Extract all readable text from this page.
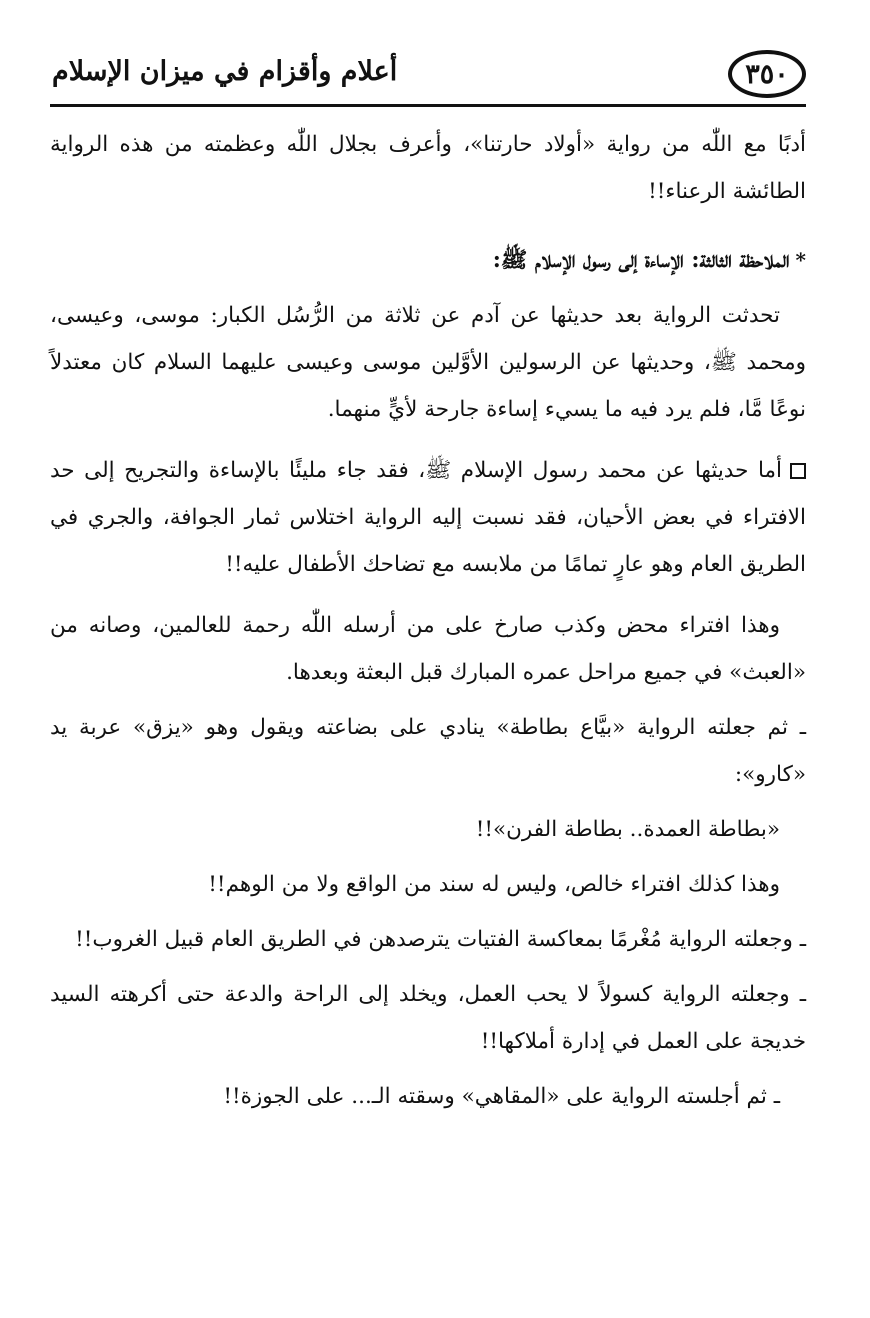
٣٥٠
أعلام وأقزام في ميزان الإسلام

أدبًا مع اللّٰه من رواية «أولاد حارتنا»، وأعرف بجلال اللّٰه وعظمته من هذه الرواية الطائشة الرعناء!!

*الملاحظة الثالثة: الإساءة إلى رسول الإسلام ﷺ:

تحدثت الرواية بعد حديثها عن آدم عن ثلاثة من الرُّسُل الكبار: موسى، وعيسى، ومحمد ﷺ، وحديثها عن الرسولين الأوَّلين موسى وعيسى عليهما السلام كان معتدلاً نوعًا مَّا، فلم يرد فيه ما يسيء إساءة جارحة لأيٍّ منهما.

أما حديثها عن محمد رسول الإسلام ﷺ، فقد جاء مليئًا بالإساءة والتجريح إلى حد الافتراء في بعض الأحيان، فقد نسبت إليه الرواية اختلاس ثمار الجوافة، والجري في الطريق العام وهو عارٍ تمامًا من ملابسه مع تضاحك الأطفال عليه!!

وهذا افتراء محض وكذب صارخ على من أرسله اللّٰه رحمة للعالمين، وصانه من «العبث» في جميع مراحل عمره المبارك قبل البعثة وبعدها.

ـ ثم جعلته الرواية «بيَّاع بطاطة» ينادي على بضاعته ويقول وهو «يزق» عربة يد «كارو»:

«بطاطة العمدة.. بطاطة الفرن»!!

وهذا كذلك افتراء خالص، وليس له سند من الواقع ولا من الوهم!!

ـ وجعلته الرواية مُغْرمًا بمعاكسة الفتيات يترصدهن في الطريق العام قبيل الغروب!!

ـ وجعلته الرواية كسولاً لا يحب العمل، ويخلد إلى الراحة والدعة حتى أكرهته السيد خديجة على العمل في إدارة أملاكها!!

ـ ثم أجلسته الرواية على «المقاهي» وسقته الـ... على الجوزة!!
